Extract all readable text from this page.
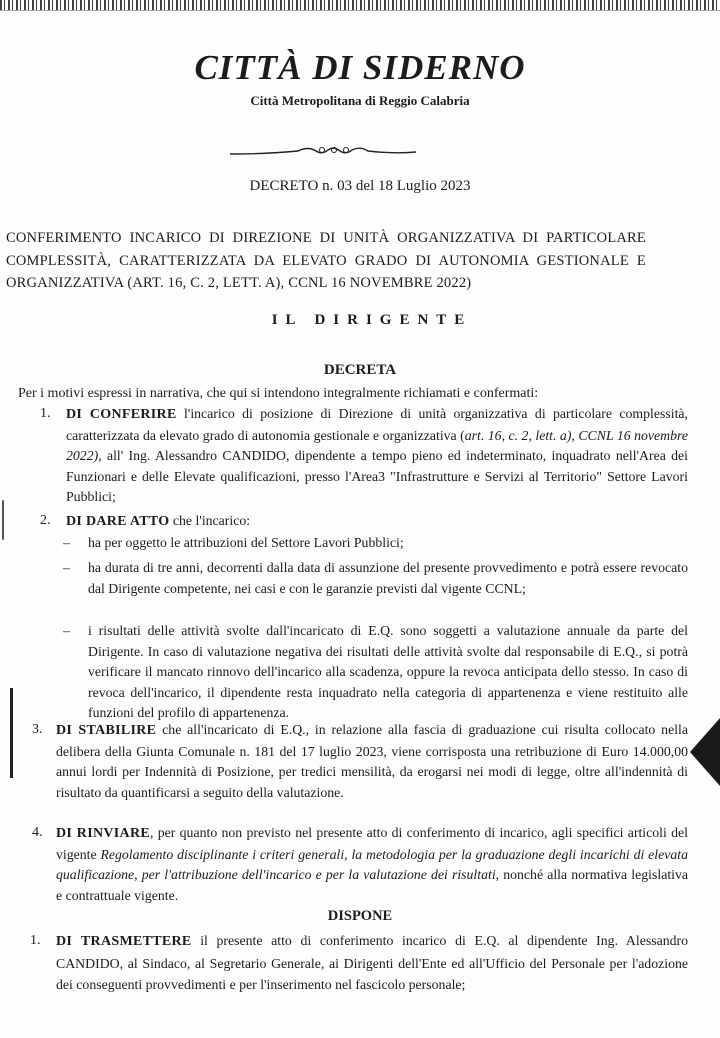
CITTÀ DI SIDERNO
Città Metropolitana di Reggio Calabria
DECRETO n. 03 del 18 Luglio 2023
CONFERIMENTO INCARICO DI DIREZIONE DI UNITÀ ORGANIZZATIVA DI PARTICOLARE COMPLESSITÀ, CARATTERIZZATA DA ELEVATO GRADO DI AUTONOMIA GESTIONALE E ORGANIZZATIVA (ART. 16, C. 2, LETT. A), CCNL 16 NOVEMBRE 2022)
IL DIRIGENTE
DECRETA
Per i motivi espressi in narrativa, che qui si intendono integralmente richiamati e confermati:
1. DI CONFERIRE l'incarico di posizione di Direzione di unità organizzativa di particolare complessità, caratterizzata da elevato grado di autonomia gestionale e organizzativa (art. 16, c. 2, lett. a), CCNL 16 novembre 2022), all' Ing. Alessandro CANDIDO, dipendente a tempo pieno ed indeterminato, inquadrato nell'Area dei Funzionari e delle Elevate qualificazioni, presso l'Area3 "Infrastrutture e Servizi al Territorio" Settore Lavori Pubblici;
2. DI DARE ATTO che l'incarico:
– ha per oggetto le attribuzioni del Settore Lavori Pubblici;
– ha durata di tre anni, decorrenti dalla data di assunzione del presente provvedimento e potrà essere revocato dal Dirigente competente, nei casi e con le garanzie previsti dal vigente CCNL;
– i risultati delle attività svolte dall'incaricato di E.Q. sono soggetti a valutazione annuale da parte del Dirigente. In caso di valutazione negativa dei risultati delle attività svolte dal responsabile di E.Q., si potrà verificare il mancato rinnovo dell'incarico alla scadenza, oppure la revoca anticipata dello stesso. In caso di revoca dell'incarico, il dipendente resta inquadrato nella categoria di appartenenza e viene restituito alle funzioni del profilo di appartenenza.
3. DI STABILIRE che all'incaricato di E.Q., in relazione alla fascia di graduazione cui risulta collocato nella delibera della Giunta Comunale n. 181 del 17 luglio 2023, viene corrisposta una retribuzione di Euro 14.000,00 annui lordi per Indennità di Posizione, per tredici mensilità, da erogarsi nei modi di legge, oltre all'indennità di risultato da quantificarsi a seguito della valutazione.
4. DI RINVIARE, per quanto non previsto nel presente atto di conferimento di incarico, agli specifici articoli del vigente Regolamento disciplinante i criteri generali, la metodologia per la graduazione degli incarichi di elevata qualificazione, per l'attribuzione dell'incarico e per la valutazione dei risultati, nonché alla normativa legislativa e contrattuale vigente.
DISPONE
1. DI TRASMETTERE il presente atto di conferimento incarico di E.Q. al dipendente Ing. Alessandro CANDIDO, al Sindaco, al Segretario Generale, ai Dirigenti dell'Ente ed all'Ufficio del Personale per l'adozione dei conseguenti provvedimenti e per l'inserimento nel fascicolo personale;
